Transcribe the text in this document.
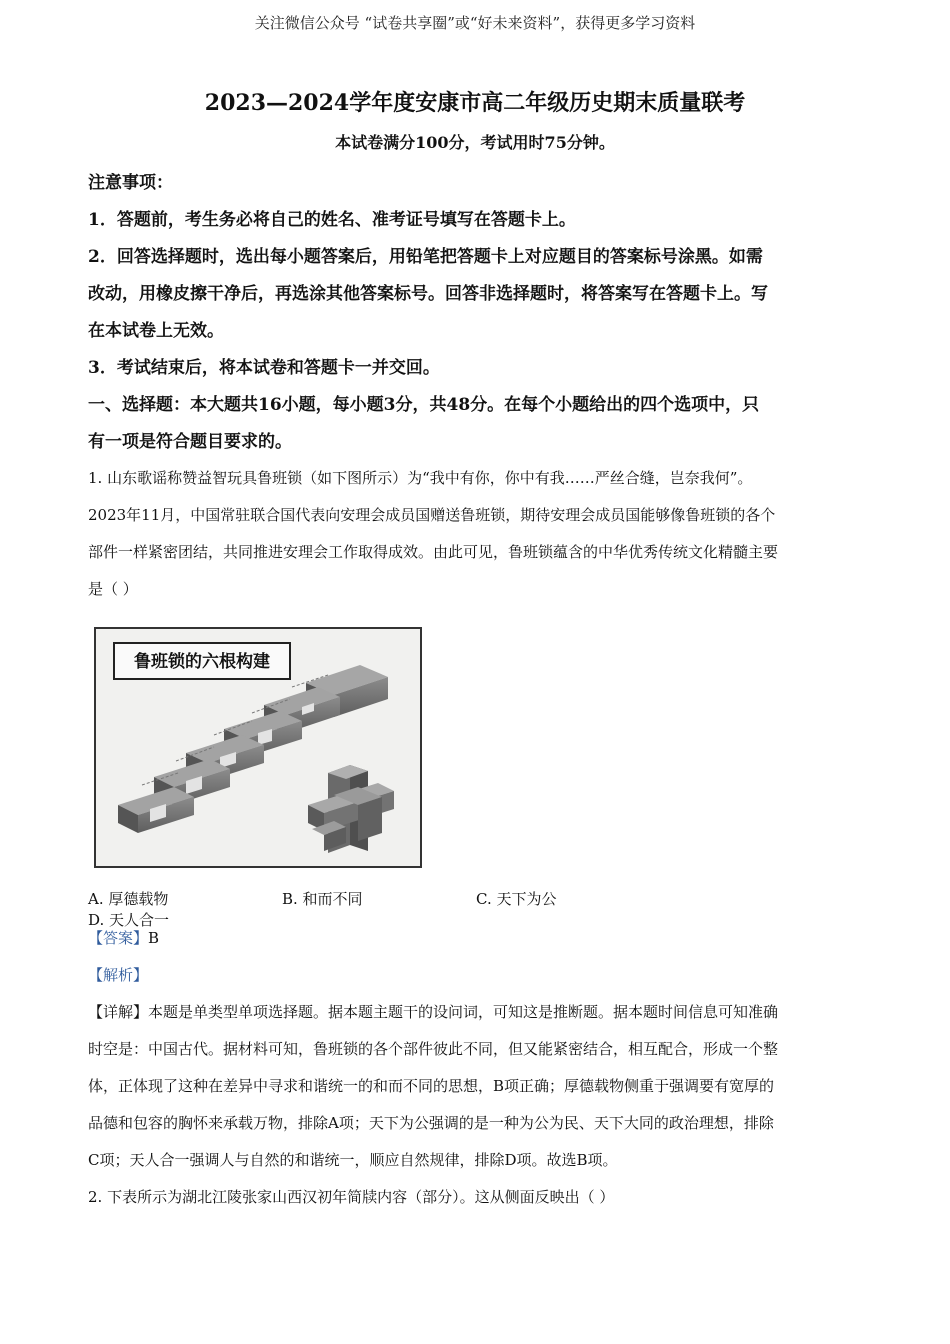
关注微信公众号 “试卷共享圈”或“好未来资料”，获得更多学习资料
2023—2024学年度安康市高二年级历史期末质量联考
本试卷满分100分，考试用时75分钟。
注意事项：
1．答题前，考生务必将自己的姓名、准考证号填写在答题卡上。
2．回答选择题时，选出每小题答案后，用铅笔把答题卡上对应题目的答案标号涂黑。如需
改动，用橡皮擦干净后，再选涂其他答案标号。回答非选择题时，将答案写在答题卡上。写
在本试卷上无效。
3．考试结束后，将本试卷和答题卡一并交回。
一、选择题：本大题共16小题，每小题3分，共48分。在每个小题给出的四个选项中，只
有一项是符合题目要求的。
1. 山东歌谣称赞益智玩具鲁班锁（如下图所示）为“我中有你，你中有我……严丝合缝，岂奈我何”。
2023年11月，中国常驻联合国代表向安理会成员国赠送鲁班锁，期待安理会成员国能够像鲁班锁的各个
部件一样紧密团结，共同推进安理会工作取得成效。由此可见，鲁班锁蕴含的中华优秀传统文化精髓主要
是（ ）
鲁班锁的六根构建
A. 厚德载物	B. 和而不同	C. 天下为公D. 天人合一
【答案】B
【解析】
【详解】本题是单类型单项选择题。据本题主题干的设问词，可知这是推断题。据本题时间信息可知准确
时空是：中国古代。据材料可知，鲁班锁的各个部件彼此不同，但又能紧密结合，相互配合，形成一个整
体，正体现了这种在差异中寻求和谐统一的和而不同的思想，B项正确；厚德载物侧重于强调要有宽厚的
品德和包容的胸怀来承载万物，排除A项；天下为公强调的是一种为公为民、天下大同的政治理想，排除
C项；天人合一强调人与自然的和谐统一，顺应自然规律，排除D项。故选B项。
2. 下表所示为湖北江陵张家山西汉初年简牍内容（部分）。这从侧面反映出（ ）
